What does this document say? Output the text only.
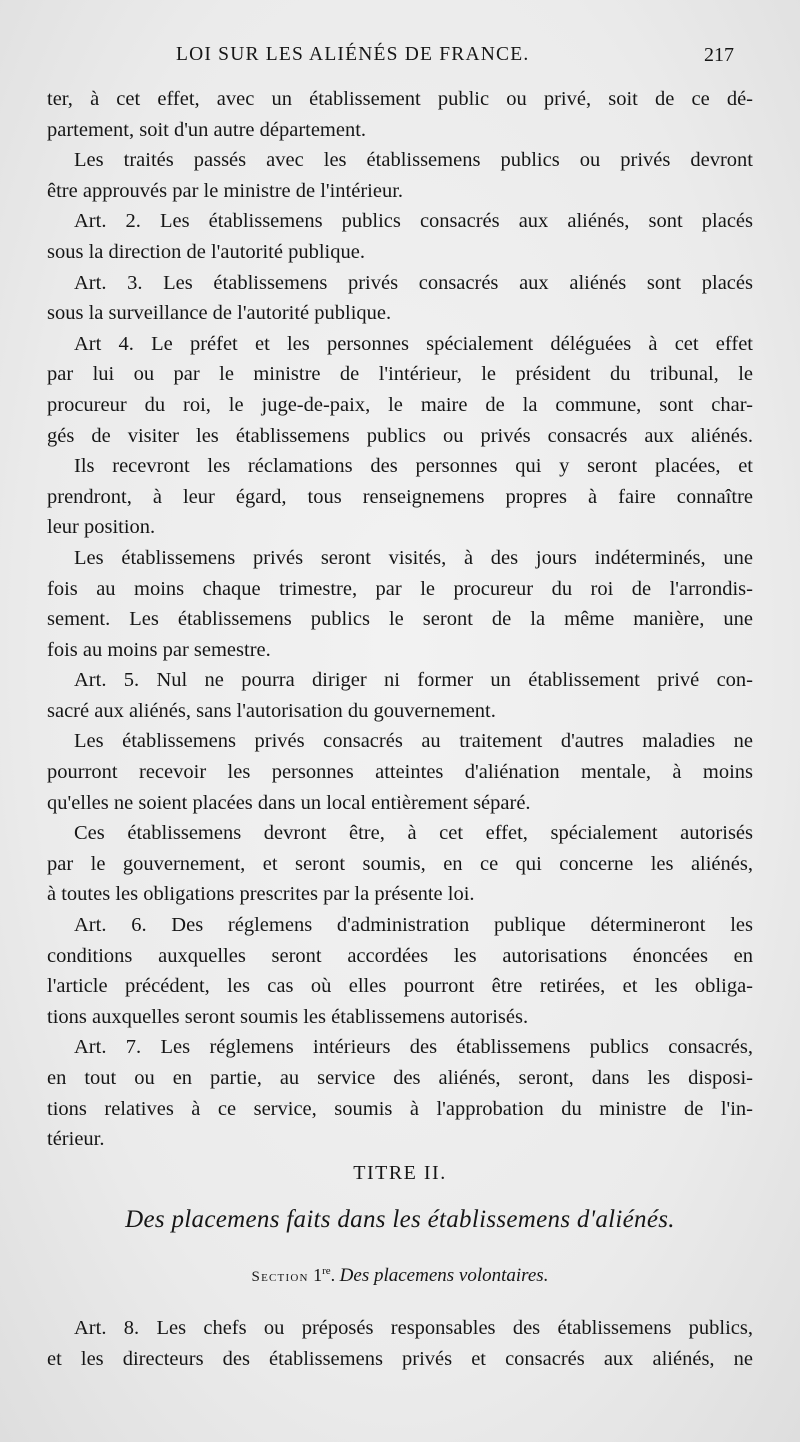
LOI SUR LES ALIÉNÉS DE FRANCE.	217
ter, à cet effet, avec un établissement public ou privé, soit de ce dé-
partement, soit d'un autre département.
Les traités passés avec les établissemens publics ou privés devront
être approuvés par le ministre de l'intérieur.
Art. 2. Les établissemens publics consacrés aux aliénés, sont placés
sous la direction de l'autorité publique.
Art. 3. Les établissemens privés consacrés aux aliénés sont placés
sous la surveillance de l'autorité publique.
Art 4. Le préfet et les personnes spécialement déléguées à cet effet
par lui ou par le ministre de l'intérieur, le président du tribunal, le
procureur du roi, le juge-de-paix, le maire de la commune, sont char-
gés de visiter les établissemens publics ou privés consacrés aux aliénés.
Ils recevront les réclamations des personnes qui y seront placées, et
prendront, à leur égard, tous renseignemens propres à faire connaître
leur position.
Les établissemens privés seront visités, à des jours indéterminés, une
fois au moins chaque trimestre, par le procureur du roi de l'arrondis-
sement. Les établissemens publics le seront de la même manière, une
fois au moins par semestre.
Art. 5. Nul ne pourra diriger ni former un établissement privé con-
sacré aux aliénés, sans l'autorisation du gouvernement.
Les établissemens privés consacrés au traitement d'autres maladies ne
pourront recevoir les personnes atteintes d'aliénation mentale, à moins
qu'elles ne soient placées dans un local entièrement séparé.
Ces établissemens devront être, à cet effet, spécialement autorisés
par le gouvernement, et seront soumis, en ce qui concerne les aliénés,
à toutes les obligations prescrites par la présente loi.
Art. 6. Des réglemens d'administration publique détermineront les
conditions auxquelles seront accordées les autorisations énoncées en
l'article précédent, les cas où elles pourront être retirées, et les obliga-
tions auxquelles seront soumis les établissemens autorisés.
Art. 7. Les réglemens intérieurs des établissemens publics consacrés,
en tout ou en partie, au service des aliénés, seront, dans les disposi-
tions relatives à ce service, soumis à l'approbation du ministre de l'in-
térieur.
TITRE II.
Des placemens faits dans les établissemens d'aliénés.
Section 1re. Des placemens volontaires.
Art. 8. Les chefs ou préposés responsables des établissemens publics,
et les directeurs des établissemens privés et consacrés aux aliénés, ne
